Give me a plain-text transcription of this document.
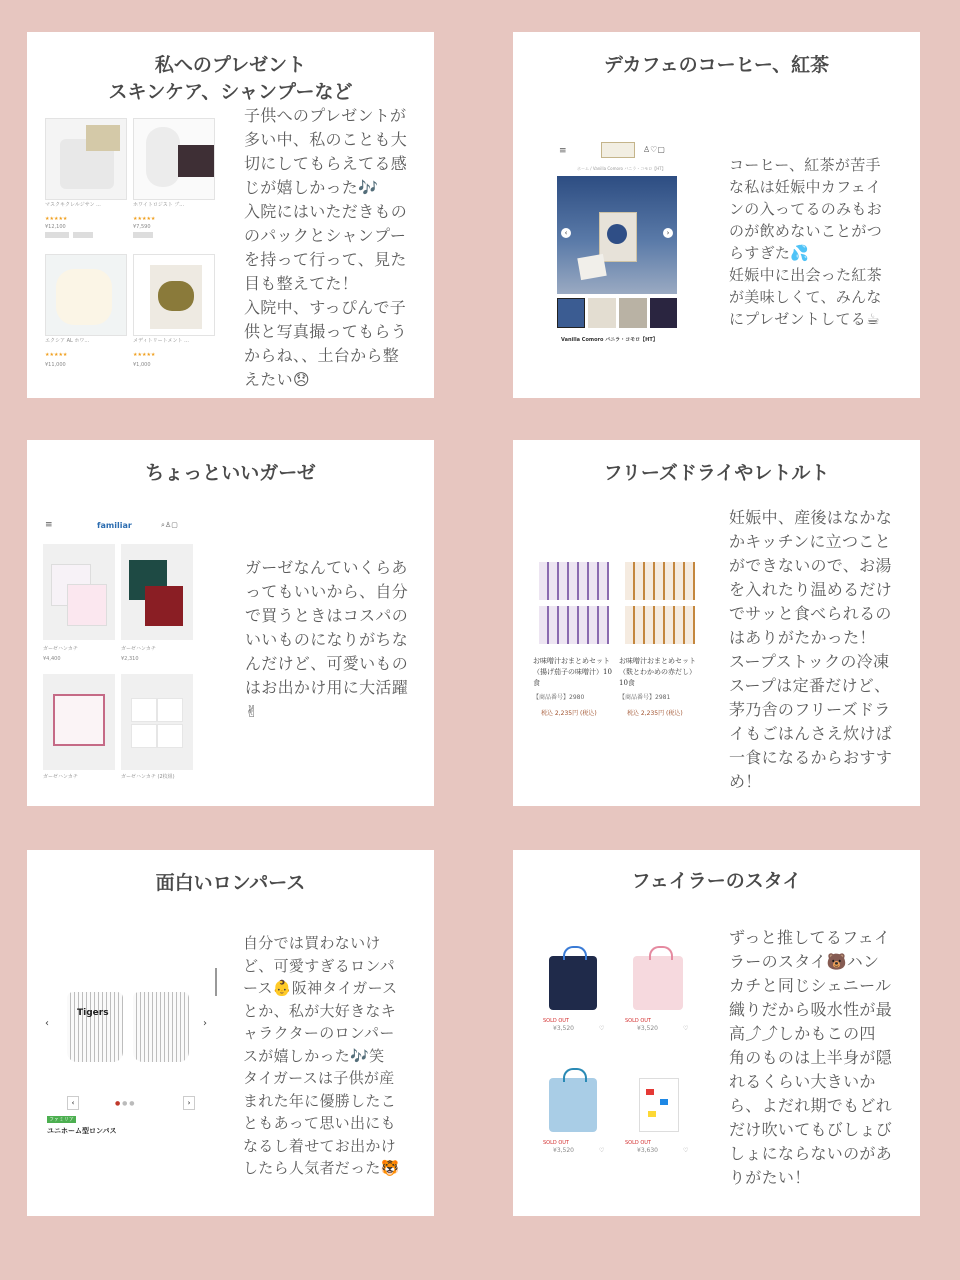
私へのプレゼント
スキンケア、シャンプーなど
マスクキクレルジサン ...
★★★★★
¥12,100
ホワイトロジスト ブ...
★★★★★
¥7,590
エクシア AL ホワ...
★★★★★
¥11,000
メディトリートメント ...
★★★★★
¥1,000
子供へのプレゼントが
多い中、私のことも大
切にしてもらえてる感
じが嬉しかった🎶
入院にはいただきもの
のパックとシャンプー
を持って行って、見た
目も整えてた！
入院中、すっぴんで子
供と写真撮ってもらう
からね、、土台から整
えたい😞
デカフェのコーヒー、紅茶
≡	♙♡▢
ホーム / Vanilla Comoro バニラ・コモロ【HT】
‹	›
Vanilla Comoro バニラ・コモロ【HT】
コーヒー、紅茶が苦手
な私は妊娠中カフェイ
ンの入ってるのみもお
のが飲めないことがつ
らすぎた💦
妊娠中に出会った紅茶
が美味しくて、みんな
にプレゼントしてる☕
ちょっといいガーゼ
≡	familiar	⌕♙▢
ガーゼハンカチ
¥4,400
ガーゼハンカチ
¥2,310
ガーゼハンカチ	ガーゼハンカチ (2枚組)
ガーゼなんていくらあ
ってもいいから、自分
で買うときはコスパの
いいものになりがちな
んだけど、可愛いもの
はお出かけ用に大活躍
✌
フリーズドライやレトルト
お味噌汁おまとめセット（揚げ茄子の味噌汁）10食
【商品番号】2980
税込 2,235円 (税込)
お味噌汁おまとめセット（麩とわかめの赤だし）10食
【商品番号】2981
税込 2,235円 (税込)
妊娠中、産後はなかな
かキッチンに立つこと
ができないので、お湯
を入れたり温めるだけ
でサッと食べられるの
はありがたかった！
スープストックの冷凍
スープは定番だけど、
茅乃舎のフリーズドラ
イもごはんさえ炊けば
一食になるからおすす
め！
面白いロンパース
Tigers
‹	›
● ● ●
‹	›
ファミリア
ユニホーム型ロンパス
自分では買わないけ
ど、可愛すぎるロンパ
ース👶阪神タイガース
とか、私が大好きなキ
ャラクターのロンパー
スが嬉しかった🎶笑
タイガースは子供が産
まれた年に優勝したこ
ともあって思い出にも
なるし着せてお出かけ
したら人気者だった🐯
フェイラーのスタイ
SOLD OUT
¥3,520	♡
SOLD OUT
¥3,520	♡
SOLD OUT
¥3,520	♡
SOLD OUT
¥3,630	♡
ずっと推してるフェイ
ラーのスタイ🐻ハン
カチと同じシェニール
織りだから吸水性が最
高⤴⤴しかもこの四
角のものは上半身が隠
れるくらい大きいか
ら、よだれ期でもどれ
だけ吹いてもびしょび
しょにならないのがあ
りがたい！
